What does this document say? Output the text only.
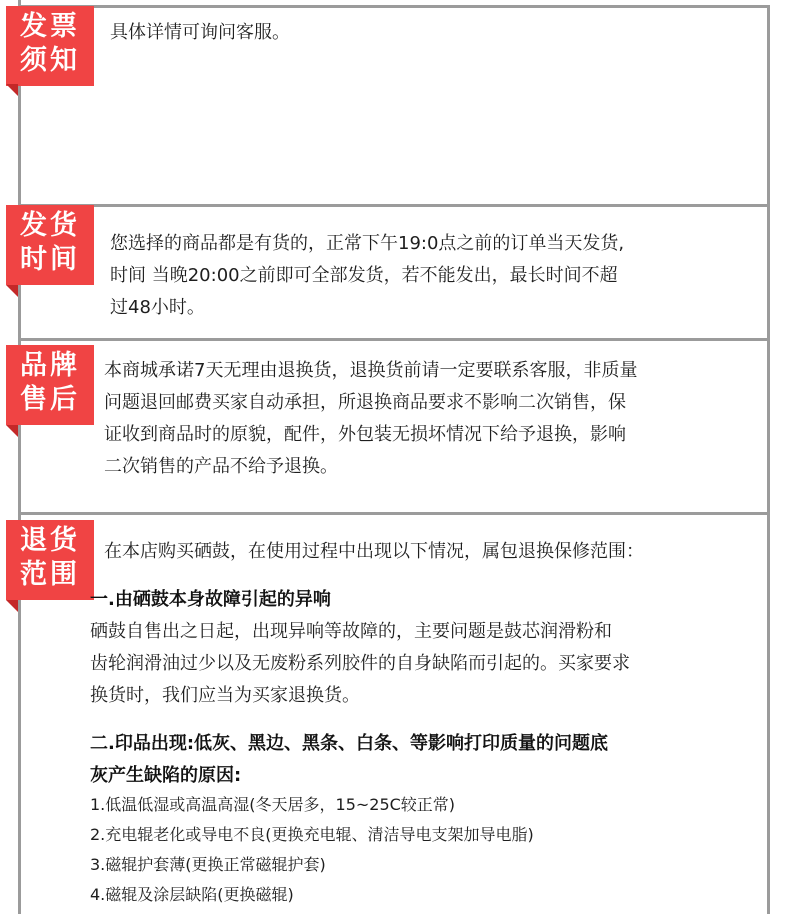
发票
须知
具体详情可询问客服。
发货
时间
您选择的商品都是有货的，正常下午19:0点之前的订单当天发货,
时间 当晚20:00之前即可全部发货，若不能发出，最长时间不超
过48小时。
品牌
售后
本商城承诺7天无理由退换货，退换货前请一定要联系客服，非质量
问题退回邮费买家自动承担，所退换商品要求不影响二次销售，保
证收到商品时的原貌，配件，外包装无损坏情况下给予退换，影响
二次销售的产品不给予退换。
退货
范围
在本店购买硒鼓，在使用过程中出现以下情况，属包退换保修范围：
一.由硒鼓本身故障引起的异响
硒鼓自售出之日起，出现异响等故障的，主要问题是鼓芯润滑粉和
齿轮润滑油过少以及无废粉系列胶件的自身缺陷而引起的。买家要求
换货时，我们应当为买家退换货。
二.印品出现:低灰、黑边、黑条、白条、等影响打印质量的问题底
灰产生缺陷的原因:
1.低温低湿或高温高湿(冬天居多，15~25C较正常)
2.充电辊老化或导电不良(更换充电辊、清洁导电支架加导电脂)
3.磁辊护套薄(更换正常磁辊护套)
4.磁辊及涂层缺陷(更换磁辊)
